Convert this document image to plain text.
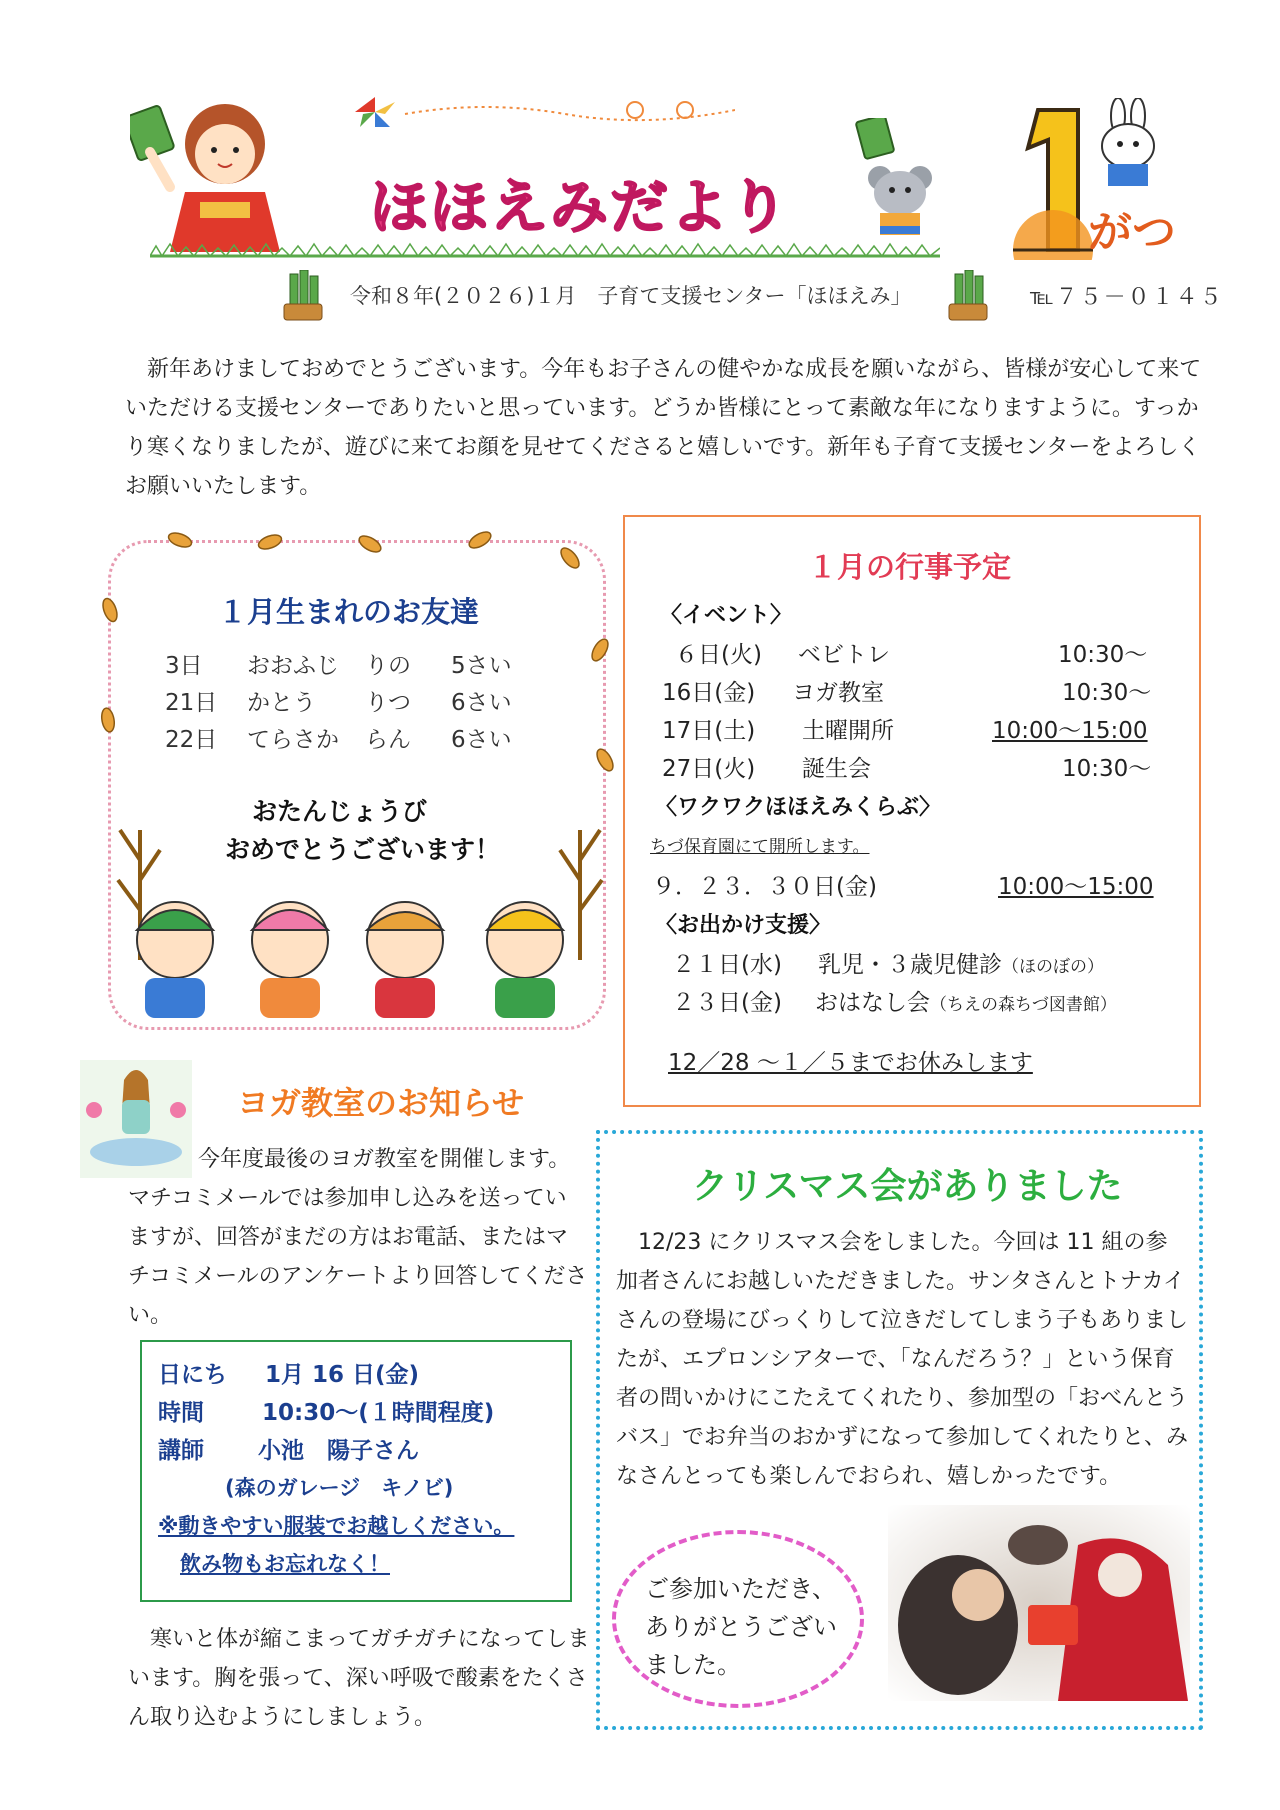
ほほえみだより	がつ
令和８年(２０２６)１月　子育て支援センター「ほほえみ」	℡７５－０１４５

新年あけましておめでとうございます。今年もお子さんの健やかな成長を願いながら、皆様が安心して来ていただける支援センターでありたいと思っています。どうか皆様にとって素敵な年になりますように。すっかり寒くなりましたが、遊びに来てお顔を見せてくださると嬉しいです。新年も子育て支援センターをよろしくお願いいたします。

１月生まれのお友達
3日	おおふじ	りの	5さい
21日	かとう	りつ	6さい
22日	てらさか	らん	6さい
おたんじょうび
おめでとうございます！
１月の行事予定
〈イベント〉
６日(火) ベビトレ	10:30～
16日(金) ヨガ教室	10:30～
17日(土) 土曜開所	10:00～15:00
27日(火) 誕生会	10:30～
〈ワクワクほほえみくらぶ〉
ちづ保育園にて開所します。
９．２３．３０日(金)	10:00～15:00
〈お出かけ支援〉
２１日(水) 乳児・３歳児健診（ほのぼの）
２３日(金) おはなし会（ちえの森ちづ図書館）
12／28 ～１／５までお休みします
ヨガ教室のお知らせ

今年度最後のヨガ教室を開催します。マチコミメールでは参加申し込みを送っていますが、回答がまだの方はお電話、またはマチコミメールのアンケートより回答してください。

日にち 1月 16 日(金)
時間	10:30～(１時間程度)
講師 小池　陽子さん
(森のガレージ　キノビ)
※動きやすい服装でお越しください。
飲み物もお忘れなく！

寒いと体が縮こまってガチガチになってしまいます。胸を張って、深い呼吸で酸素をたくさん取り込むようにしましょう。

クリスマス会がありました

12/23 にクリスマス会をしました。今回は 11 組の参加者さんにお越しいただきました。サンタさんとトナカイさんの登場にびっくりして泣きだしてしまう子もありましたが、エプロンシアターで、「なんだろう？」という保育者の問いかけにこたえてくれたり、参加型の「おべんとうバス」でお弁当のおかずになって参加してくれたりと、みなさんとっても楽しんでおられ、嬉しかったです。

ご参加いただき、ありがとうございました。
